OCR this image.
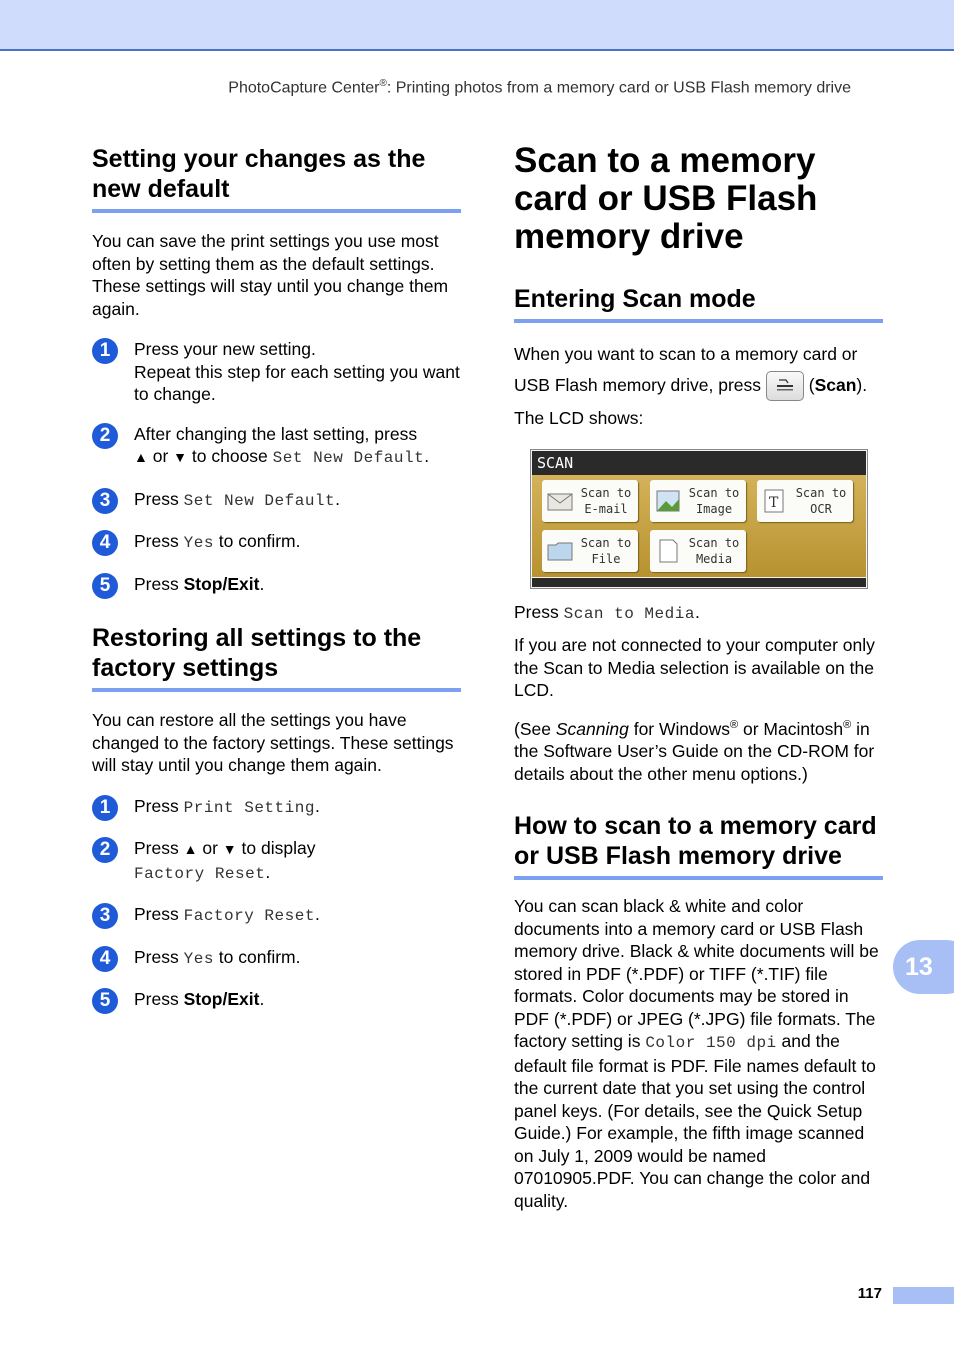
PhotoCapture Center®: Printing photos from a memory card or USB Flash memory drive
Setting your changes as the new default

You can save the print settings you use most often by setting them as the default settings. These settings will stay until you change them again.

1	Press your new setting.
Repeat this step for each setting you want to change.
2	After changing the last setting, press
▲ or ▼ to choose Set New Default.
3	Press Set New Default.
4	Press Yes to confirm.
5	Press Stop/Exit.
Restoring all settings to the factory settings

You can restore all the settings you have changed to the factory settings. These settings will stay until you change them again.

1	Press Print Setting.
2	Press ▲ or ▼ to display
Factory Reset.
3	Press Factory Reset.
4	Press Yes to confirm.
5	Press Stop/Exit.
Scan to a memory card or USB Flash memory drive
Entering Scan mode

When you want to scan to a memory card or USB Flash memory drive, press
(Scan).

The LCD shows:

SCAN
Scan to
E-mail
Scan to
Image	T
Scan to
OCR
Scan to
File
Scan to
Media

Press Scan to Media.

If you are not connected to your computer only the Scan to Media selection is available on the LCD.

(See Scanning for Windows® or Macintosh® in the Software User’s Guide on the CD-ROM for details about the other menu options.)

How to scan to a memory card or USB Flash memory drive

You can scan black & white and color documents into a memory card or USB Flash memory drive. Black & white documents will be stored in PDF (*.PDF) or TIFF (*.TIF) file formats. Color documents may be stored in PDF (*.PDF) or JPEG (*.JPG) file formats. The factory setting is Color 150 dpi and the default file format is PDF. File names default to the current date that you set using the control panel keys. (For details, see the Quick Setup Guide.) For example, the fifth image scanned on July 1, 2009 would be named 07010905.PDF. You can change the color and quality.

13
117
